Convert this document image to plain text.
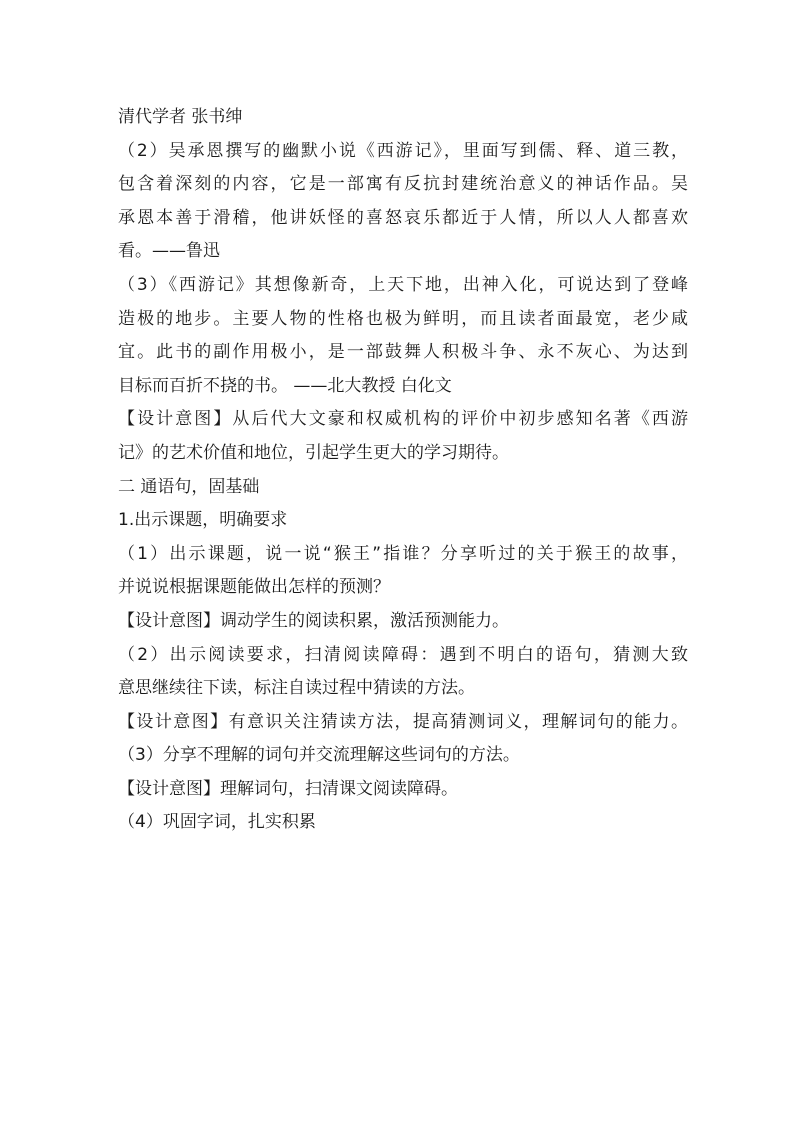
清代学者 张书绅
（2）吴承恩撰写的幽默小说《西游记》，里面写到儒、释、道三教，
包含着深刻的内容，它是一部寓有反抗封建统治意义的神话作品。吴
承恩本善于滑稽，他讲妖怪的喜怒哀乐都近于人情，所以人人都喜欢
看。——鲁迅
（3）《西游记》其想像新奇，上天下地，出神入化，可说达到了登峰
造极的地步。主要人物的性格也极为鲜明，而且读者面最宽，老少咸
宜。此书的副作用极小，是一部鼓舞人积极斗争、永不灰心、为达到
目标而百折不挠的书。 ——北大教授 白化文
【设计意图】从后代大文豪和权威机构的评价中初步感知名著《西游
记》的艺术价值和地位，引起学生更大的学习期待。
二 通语句，固基础
1.出示课题，明确要求
（1）出示课题，说一说“猴王”指谁？分享听过的关于猴王的故事，
并说说根据课题能做出怎样的预测？
【设计意图】调动学生的阅读积累，激活预测能力。
（2）出示阅读要求，扫清阅读障碍：遇到不明白的语句，猜测大致
意思继续往下读，标注自读过程中猜读的方法。
【设计意图】有意识关注猜读方法，提高猜测词义，理解词句的能力。
（3）分享不理解的词句并交流理解这些词句的方法。
【设计意图】理解词句，扫清课文阅读障碍。
（4）巩固字词，扎实积累
